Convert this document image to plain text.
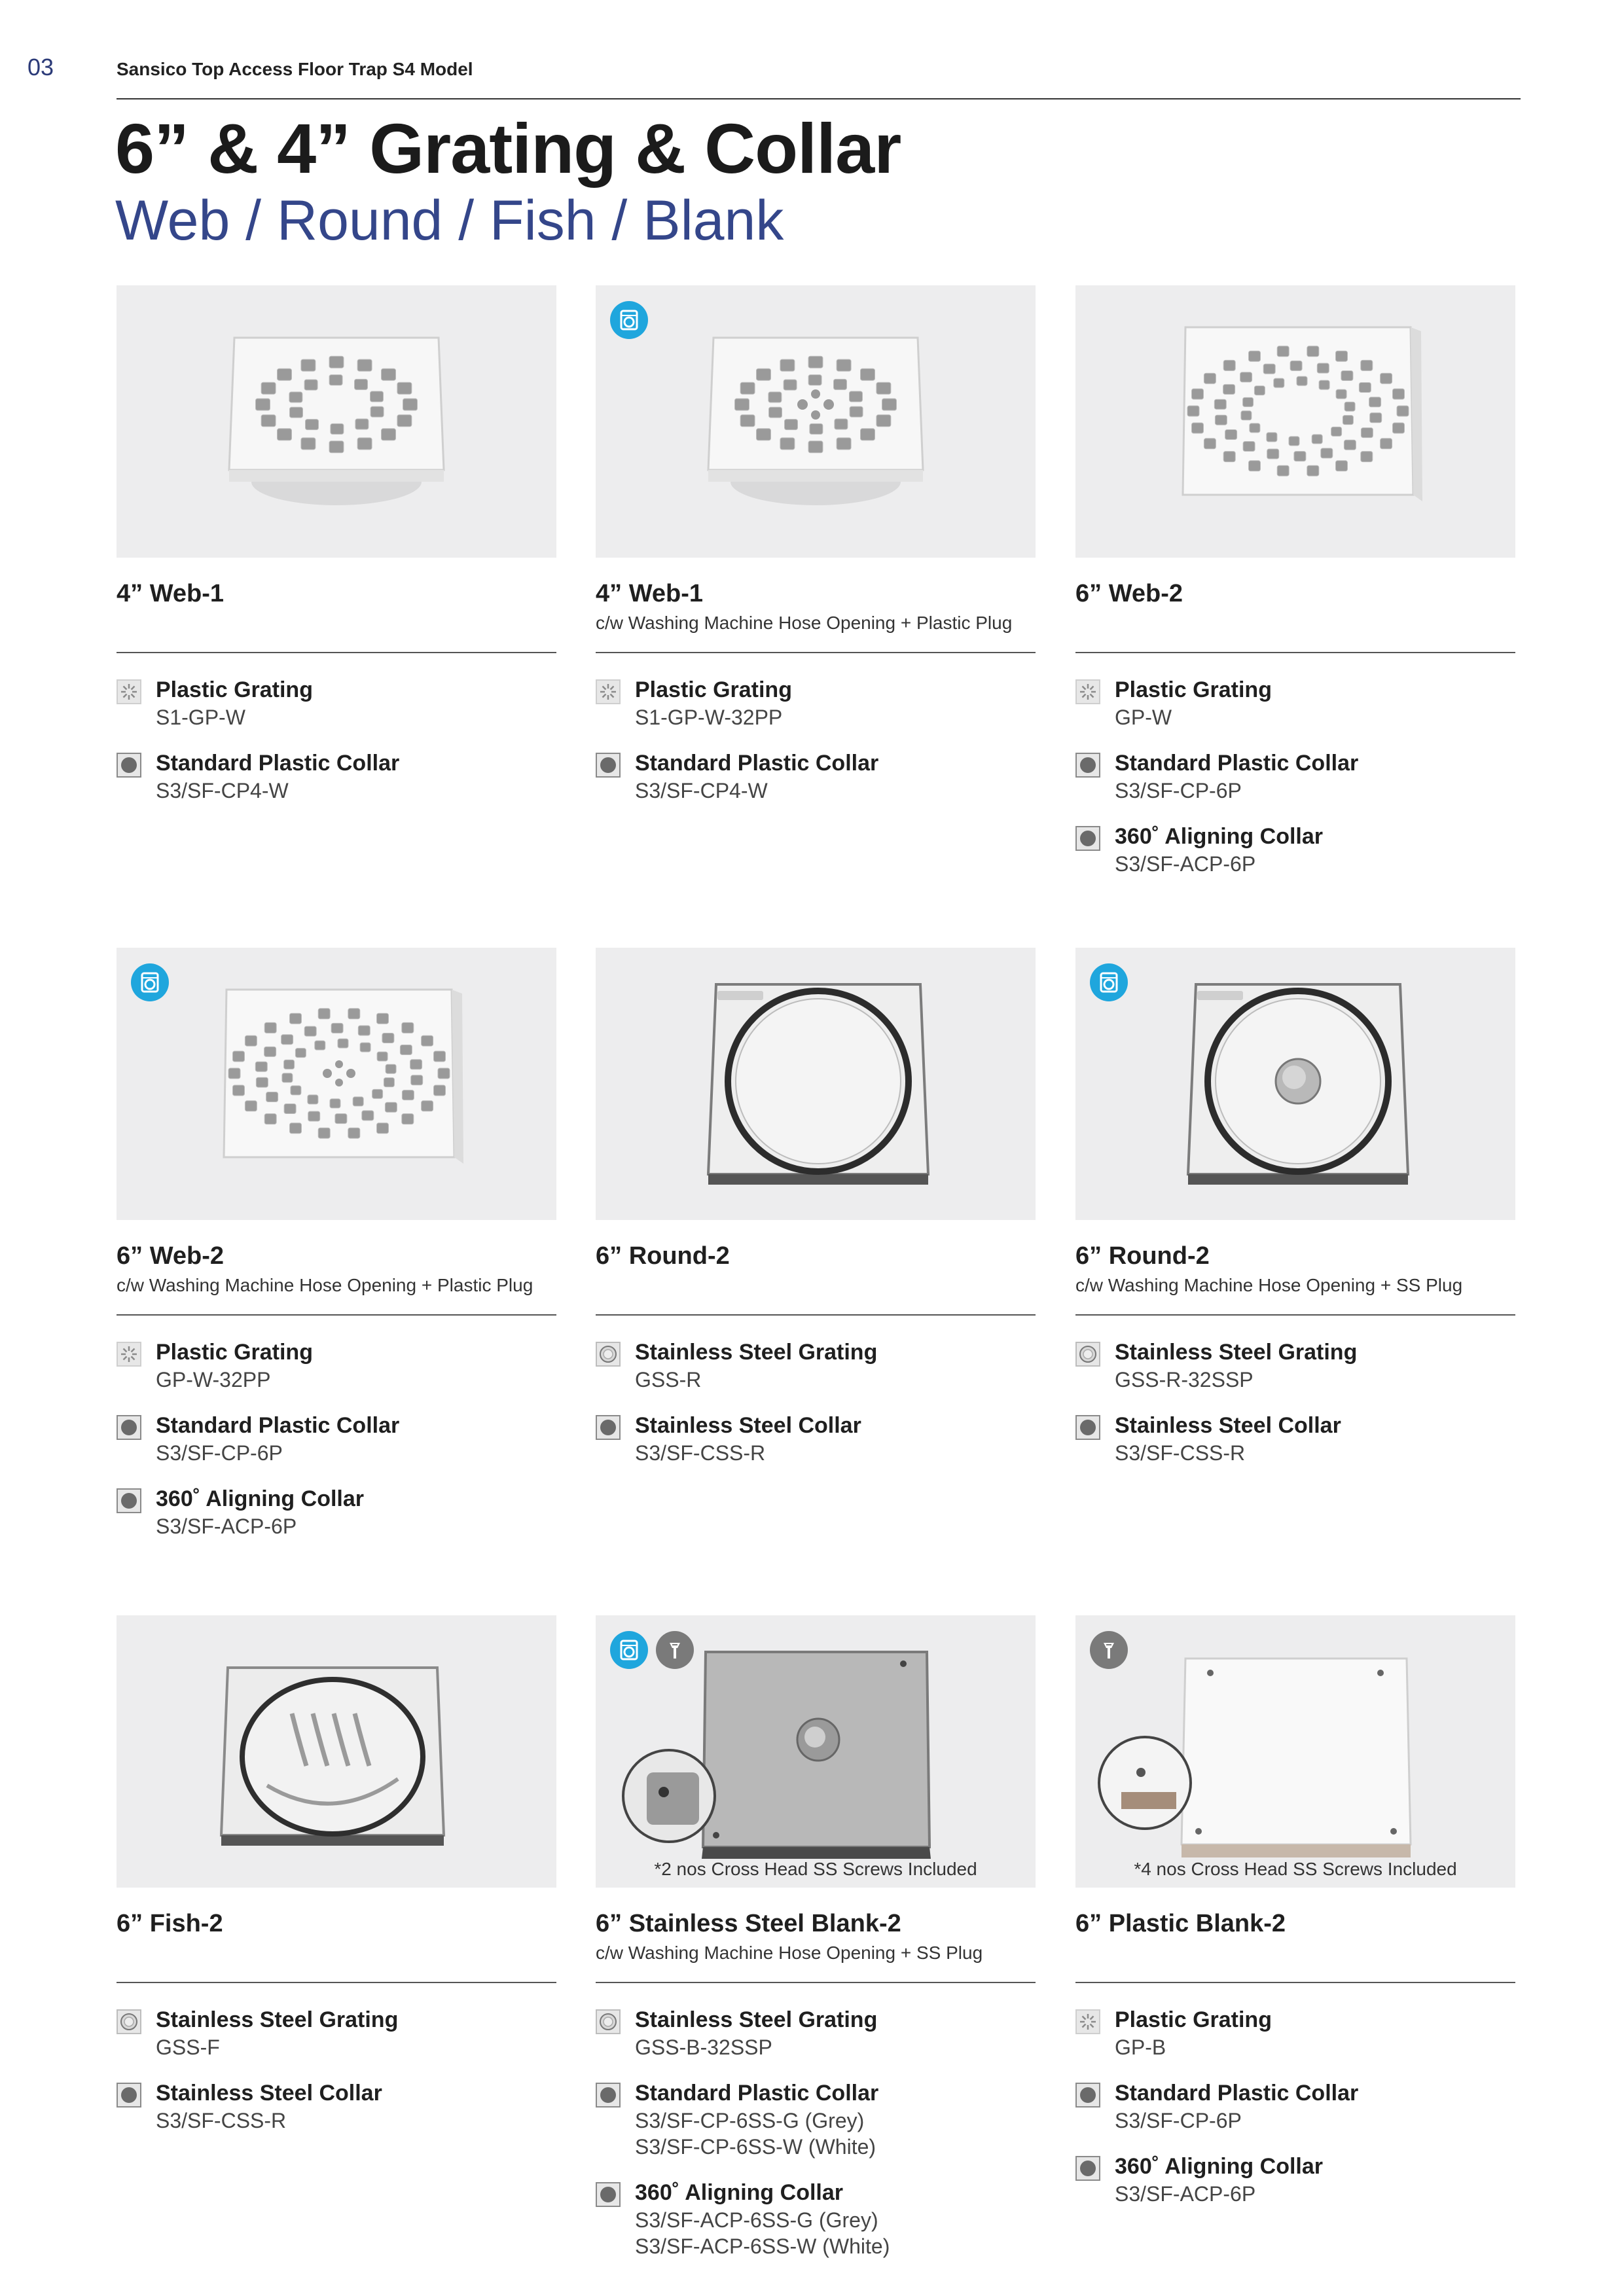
03	Sansico Top Access Floor Trap S4 Model
6” & 4” Grating & Collar
Web / Round / Fish / Blank
4” Web-1
Plastic Grating
S1-GP-W
Standard Plastic Collar
S3/SF-CP4-W
4” Web-1
c/w Washing Machine Hose Opening + Plastic Plug
Plastic Grating
S1-GP-W-32PP
Standard Plastic Collar
S3/SF-CP4-W
6” Web-2
Plastic Grating
GP-W
Standard Plastic Collar
S3/SF-CP-6P
360˚ Aligning Collar
S3/SF-ACP-6P
6” Web-2
c/w Washing Machine Hose Opening + Plastic Plug
Plastic Grating
GP-W-32PP
Standard Plastic Collar
S3/SF-CP-6P
360˚ Aligning Collar
S3/SF-ACP-6P
6” Round-2
Stainless Steel Grating
GSS-R
Stainless Steel Collar
S3/SF-CSS-R
6” Round-2
c/w Washing Machine Hose Opening + SS Plug
Stainless Steel Grating
GSS-R-32SSP
Stainless Steel Collar
S3/SF-CSS-R
6” Fish-2
Stainless Steel Grating
GSS-F
Stainless Steel Collar
S3/SF-CSS-R
*2 nos Cross Head SS Screws Included
6” Stainless Steel Blank-2
c/w Washing Machine Hose Opening + SS Plug
Stainless Steel Grating
GSS-B-32SSP
Standard Plastic Collar
S3/SF-CP-6SS-G (Grey)
S3/SF-CP-6SS-W (White)
360˚ Aligning Collar
S3/SF-ACP-6SS-G (Grey)
S3/SF-ACP-6SS-W (White)
*4 nos Cross Head SS Screws Included
6” Plastic Blank-2
Plastic Grating
GP-B
Standard Plastic Collar
S3/SF-CP-6P
360˚ Aligning Collar
S3/SF-ACP-6P
